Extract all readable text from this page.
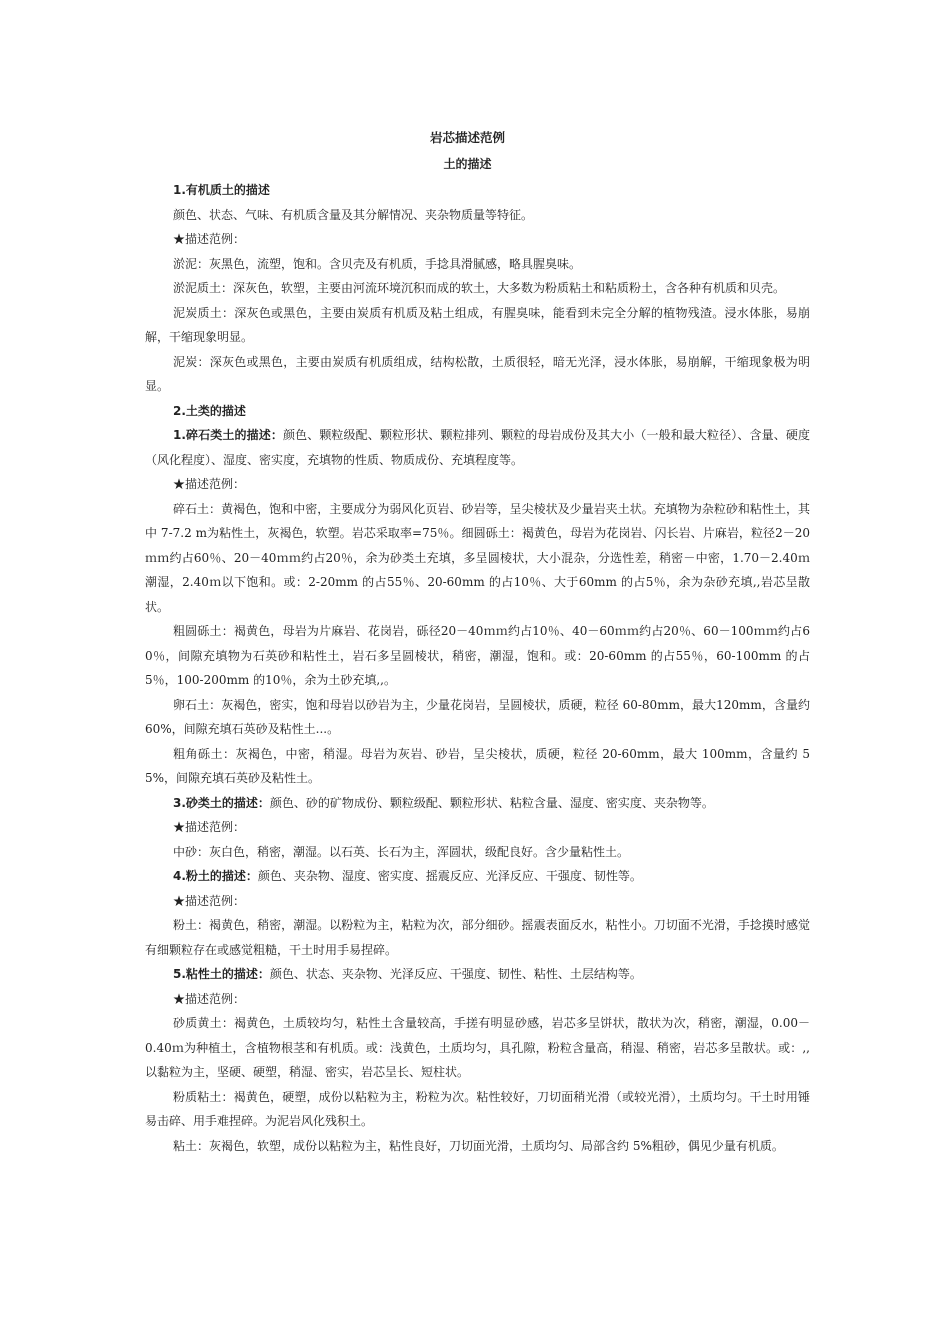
岩芯描述范例
土的描述
1.有机质土的描述

颜色、状态、气味、有机质含量及其分解情况、夹杂物质量等特征。

★描述范例：

淤泥：灰黑色，流塑，饱和。含贝壳及有机质，手捻具滑腻感，略具腥臭味。

淤泥质土：深灰色，软塑，主要由河流环境沉积而成的软土，大多数为粉质粘土和粘质粉土，含各种有机质和贝壳。

泥炭质土：深灰色或黑色，主要由炭质有机质及粘土组成，有腥臭味，能看到未完全分解的植物残渣。浸水体胀，易崩解，干缩现象明显。

泥炭：深灰色或黑色，主要由炭质有机质组成，结构松散，土质很轻，暗无光泽，浸水体胀，易崩解，干缩现象极为明显。

2.土类的描述

1.碎石类土的描述：颜色、颗粒级配、颗粒形状、颗粒排列、颗粒的母岩成份及其大小（一般和最大粒径）、含量、硬度（风化程度）、湿度、密实度，充填物的性质、物质成份、充填程度等。

★描述范例：

碎石土：黄褐色，饱和中密，主要成分为弱风化页岩、砂岩等，呈尖棱状及少量岩夹土状。充填物为杂粒砂和粘性土，其中 7-7.2 m为粘性土，灰褐色，软塑。岩芯采取率=75％。细圆砾土：褐黄色，母岩为花岗岩、闪长岩、片麻岩，粒径2－20ｍｍ约占60％、20－40ｍｍ约占20％，余为砂类土充填，多呈圆棱状，大小混杂，分选性差，稍密－中密，1.70－2.40ｍ潮湿，2.40ｍ以下饱和。或：2-20mm 的占55％、20-60mm 的占10％、大于60mm 的占5％，余为杂砂充填,,岩芯呈散状。

粗圆砾土：褐黄色，母岩为片麻岩、花岗岩，砾径20－40ｍｍ约占10％、40－60ｍｍ约占20％、60－100ｍｍ约占60％，间隙充填物为石英砂和粘性土，岩石多呈圆棱状，稍密，潮湿，饱和。或：20-60mm 的占55％，60-100mm 的占5％，100-200mm 的10％，余为土砂充填,,。

卵石土：灰褐色，密实，饱和母岩以砂岩为主，少量花岗岩，呈圆棱状，质硬，粒径 60-80mm，最大120mm，含量约 60%，间隙充填石英砂及粘性土...。

粗角砾土：灰褐色，中密，稍湿。母岩为灰岩、砂岩，呈尖棱状，质硬，粒径 20-60mm，最大 100mm，含量约 55%，间隙充填石英砂及粘性土。

3.砂类土的描述：颜色、砂的矿物成份、颗粒级配、颗粒形状、粘粒含量、湿度、密实度、夹杂物等。

★描述范例：

中砂：灰白色，稍密，潮湿。以石英、长石为主，浑圆状，级配良好。含少量粘性土。

4.粉土的描述：颜色、夹杂物、湿度、密实度、摇震反应、光泽反应、干强度、韧性等。

★描述范例：

粉土：褐黄色，稍密，潮湿。以粉粒为主，粘粒为次，部分细砂。摇震表面反水，粘性小。刀切面不光滑，手捻摸时感觉有细颗粒存在或感觉粗糙，干土时用手易捏碎。

5.粘性土的描述：颜色、状态、夹杂物、光泽反应、干强度、韧性、粘性、土层结构等。

★描述范例：

砂质黄土：褐黄色，土质较均匀，粘性土含量较高，手搓有明显砂感，岩芯多呈饼状，散状为次，稍密，潮湿，0.00－0.40ｍ为种植土，含植物根茎和有机质。或：浅黄色，土质均匀，具孔隙，粉粒含量高，稍湿、稍密，岩芯多呈散状。或：,,以黏粒为主，坚硬、硬塑，稍湿、密实，岩芯呈长、短柱状。

粉质粘土：褐黄色，硬塑，成份以粘粒为主，粉粒为次。粘性较好，刀切面稍光滑（或较光滑），土质均匀。干土时用锤易击碎、用手难捏碎。为泥岩风化残积土。

粘土：灰褐色，软塑，成份以粘粒为主，粘性良好，刀切面光滑，土质均匀、局部含约 5%粗砂，偶见少量有机质。
